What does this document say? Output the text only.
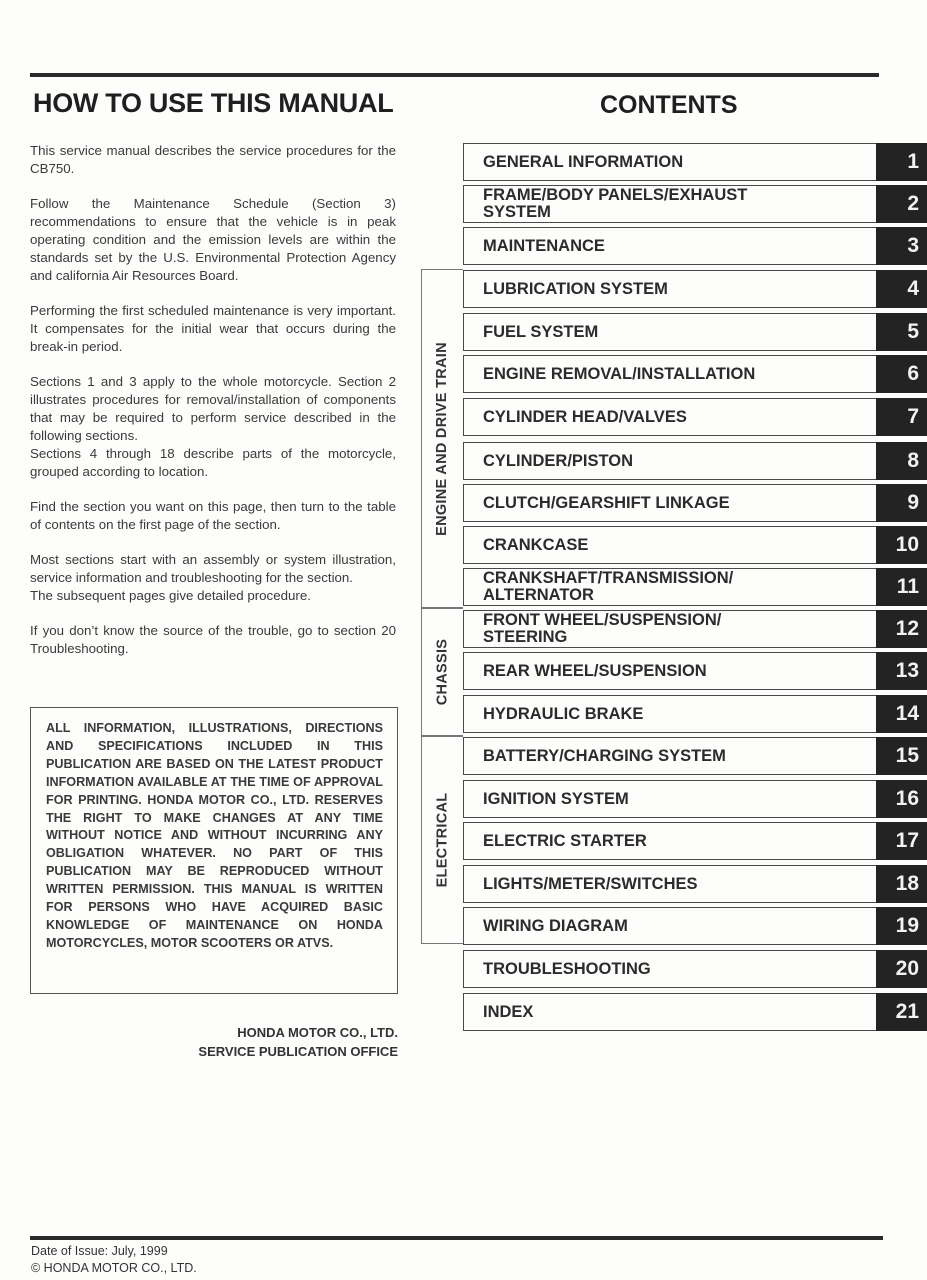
HOW TO USE THIS MANUAL	CONTENTS

This service manual describes the service procedures for the CB750.

Follow the Maintenance Schedule (Section 3) recommendations to ensure that the vehicle is in peak operating condition and the emission levels are within the standards set by the U.S. Environmental Protection Agency and california Air Resources Board.

Performing the first scheduled maintenance is very important. It compensates for the initial wear that occurs during the break-in period.

Sections 1 and 3 apply to the whole motorcycle. Section 2 illustrates procedures for removal/installation of components that may be required to perform service described in the following sections.

Sections 4 through 18 describe parts of the motorcycle, grouped according to location.

Find the section you want on this page, then turn to the table of contents on the first page of the section.

Most sections start with an assembly or system illustration, service information and troubleshooting for the section.

The subsequent pages give detailed procedure.

If you don’t know the source of the trouble, go to section 20 Troubleshooting.

ALL INFORMATION, ILLUSTRATIONS, DIRECTIONS AND SPECIFICATIONS INCLUDED IN THIS PUBLICATION ARE BASED ON THE LATEST PRODUCT INFORMATION AVAILABLE AT THE TIME OF APPROVAL FOR PRINTING. HONDA MOTOR CO., LTD. RESERVES THE RIGHT TO MAKE CHANGES AT ANY TIME WITHOUT NOTICE AND WITHOUT INCURRING ANY OBLIGATION WHATEVER. NO PART OF THIS PUBLICATION MAY BE REPRODUCED WITHOUT WRITTEN PERMISSION. THIS MANUAL IS WRITTEN FOR PERSONS WHO HAVE ACQUIRED BASIC KNOWLEDGE OF MAINTENANCE ON HONDA MOTORCYCLES, MOTOR SCOOTERS OR ATVS.
HONDA MOTOR CO., LTD.
SERVICE PUBLICATION OFFICE
ENGINE AND DRIVE TRAIN
CHASSIS
ELECTRICAL
GENERAL INFORMATION	1
FRAME/BODY PANELS/EXHAUST SYSTEM	2
MAINTENANCE	3
LUBRICATION SYSTEM	4
FUEL SYSTEM	5
ENGINE REMOVAL/INSTALLATION	6
CYLINDER HEAD/VALVES	7
CYLINDER/PISTON	8
CLUTCH/GEARSHIFT LINKAGE	9
CRANKCASE	10
CRANKSHAFT/TRANSMISSION/ ALTERNATOR	11
FRONT WHEEL/SUSPENSION/ STEERING	12
REAR WHEEL/SUSPENSION	13
HYDRAULIC BRAKE	14
BATTERY/CHARGING SYSTEM	15
IGNITION SYSTEM	16
ELECTRIC STARTER	17
LIGHTS/METER/SWITCHES	18
WIRING DIAGRAM	19
TROUBLESHOOTING	20
INDEX	21
Date of Issue: July, 1999
© HONDA MOTOR CO., LTD.
